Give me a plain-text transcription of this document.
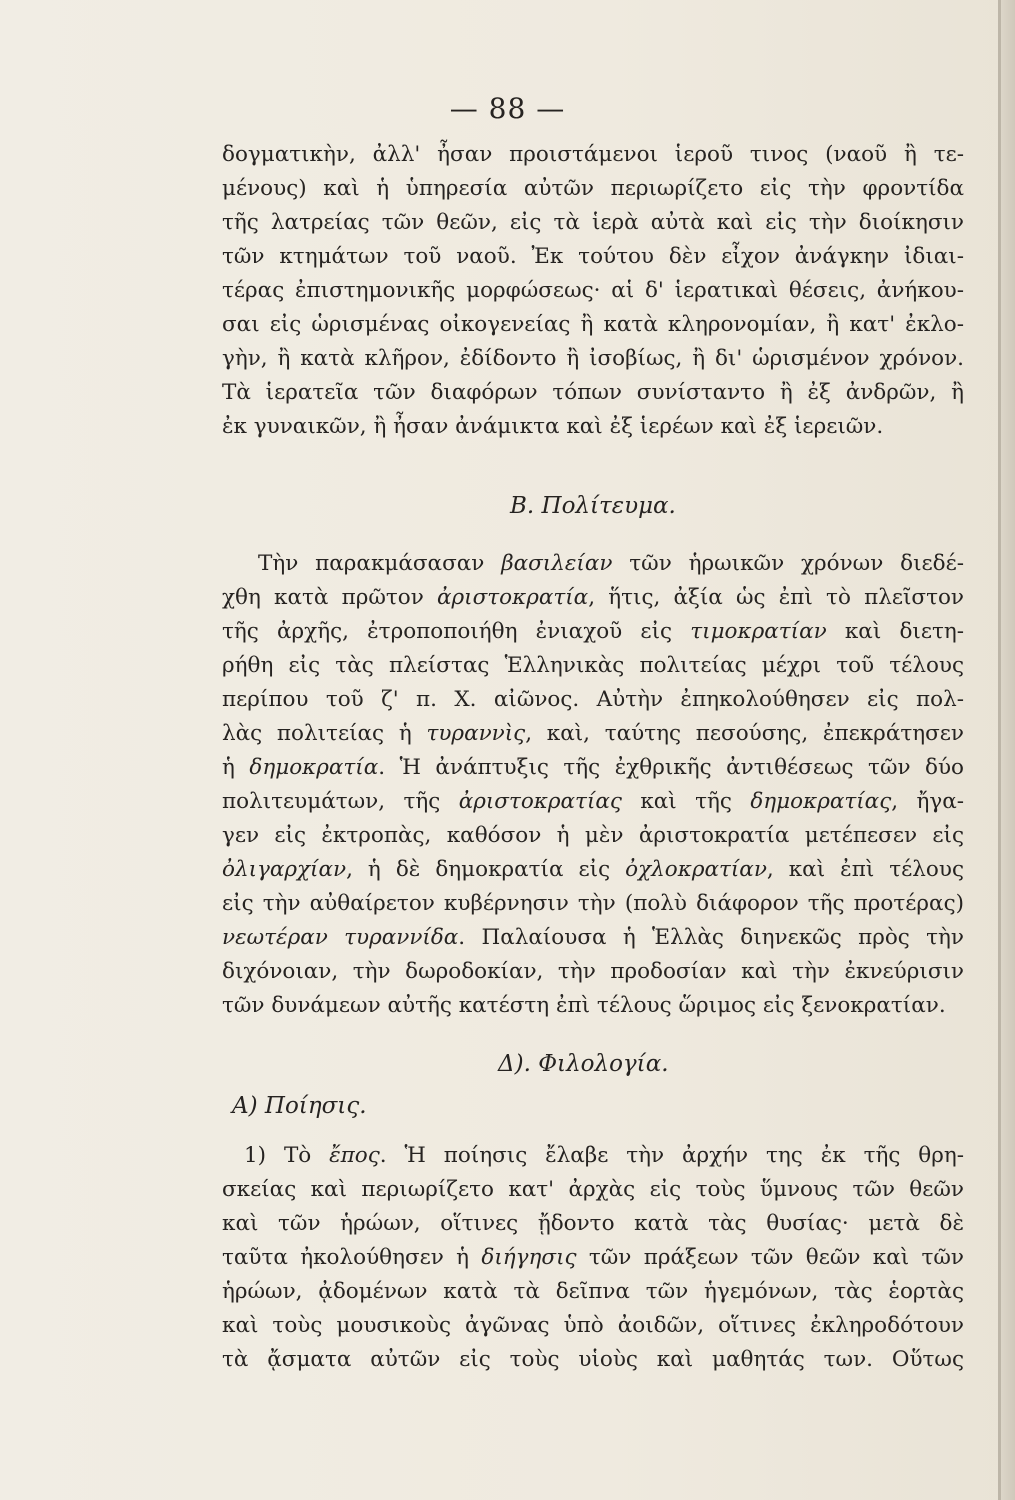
— 88 —
δογματικὴν, ἀλλ' ἦσαν προιστάμενοι ἱεροῦ τινος (ναοῦ ἢ τε-
μένους) καὶ ἡ ὑπηρεσία αὐτῶν περιωρίζετο εἰς τὴν φροντίδα
τῆς λατρείας τῶν θεῶν, εἰς τὰ ἱερὰ αὐτὰ καὶ εἰς τὴν διοίκησιν
τῶν κτημάτων τοῦ ναοῦ. Ἐκ τούτου δὲν εἶχον ἀνάγκην ἰδιαι-
τέρας ἐπιστημονικῆς μορφώσεως· αἱ δ' ἱερατικαὶ θέσεις, ἀνήκου-
σαι εἰς ὡρισμένας οἰκογενείας ἢ κατὰ κληρονομίαν, ἢ κατ' ἐκλο-
γὴν, ἢ κατὰ κλῆρον, ἐδίδοντο ἢ ἰσοβίως, ἢ δι' ὡρισμένον χρόνον.
Τὰ ἱερατεῖα τῶν διαφόρων τόπων συνίσταντο ἢ ἐξ ἀνδρῶν, ἢ
ἐκ γυναικῶν, ἢ ἦσαν ἀνάμικτα καὶ ἐξ ἱερέων καὶ ἐξ ἱερειῶν.
Β. Πολίτευμα.
Τὴν παρακμάσασαν βασιλείαν τῶν ἡρωικῶν χρόνων διεδέ-
χθη κατὰ πρῶτον ἀριστοκρατία, ἥτις, ἀξία ὡς ἐπὶ τὸ πλεῖστον
τῆς ἀρχῆς, ἐτροποποιήθη ἐνιαχοῦ εἰς τιμοκρατίαν καὶ διετη-
ρήθη εἰς τὰς πλείστας Ἑλληνικὰς πολιτείας μέχρι τοῦ τέλους
περίπου τοῦ ζ' π. Χ. αἰῶνος. Αὐτὴν ἐπηκολούθησεν εἰς πολ-
λὰς πολιτείας ἡ τυραννὶς, καὶ, ταύτης πεσούσης, ἐπεκράτησεν
ἡ δημοκρατία. Ἡ ἀνάπτυξις τῆς ἐχθρικῆς ἀντιθέσεως τῶν δύο
πολιτευμάτων, τῆς ἀριστοκρατίας καὶ τῆς δημοκρατίας, ἤγα-
γεν εἰς ἐκτροπὰς, καθόσον ἡ μὲν ἀριστοκρατία μετέπεσεν εἰς
ὀλιγαρχίαν, ἡ δὲ δημοκρατία εἰς ὀχλοκρατίαν, καὶ ἐπὶ τέλους
εἰς τὴν αὐθαίρετον κυβέρνησιν τὴν (πολὺ διάφορον τῆς προτέρας)
νεωτέραν τυραννίδα. Παλαίουσα ἡ Ἑλλὰς διηνεκῶς πρὸς τὴν
διχόνοιαν, τὴν δωροδοκίαν, τὴν προδοσίαν καὶ τὴν ἐκνεύρισιν
τῶν δυνάμεων αὐτῆς κατέστη ἐπὶ τέλους ὥριμος εἰς ξενοκρατίαν.
Δ). Φιλολογία.
Α) Ποίησις.
1) Τὸ ἔπος. Ἡ ποίησις ἔλαβε τὴν ἀρχήν της ἐκ τῆς θρη-
σκείας καὶ περιωρίζετο κατ' ἀρχὰς εἰς τοὺς ὕμνους τῶν θεῶν
καὶ τῶν ἡρώων, οἵτινες ᾔδοντο κατὰ τὰς θυσίας· μετὰ δὲ
ταῦτα ἠκολούθησεν ἡ διήγησις τῶν πράξεων τῶν θεῶν καὶ τῶν
ἡρώων, ᾀδομένων κατὰ τὰ δεῖπνα τῶν ἡγεμόνων, τὰς ἑορτὰς
καὶ τοὺς μουσικοὺς ἀγῶνας ὑπὸ ἀοιδῶν, οἵτινες ἐκληροδότουν
τὰ ᾄσματα αὐτῶν εἰς τοὺς υἱοὺς καὶ μαθητάς των. Οὕτως
